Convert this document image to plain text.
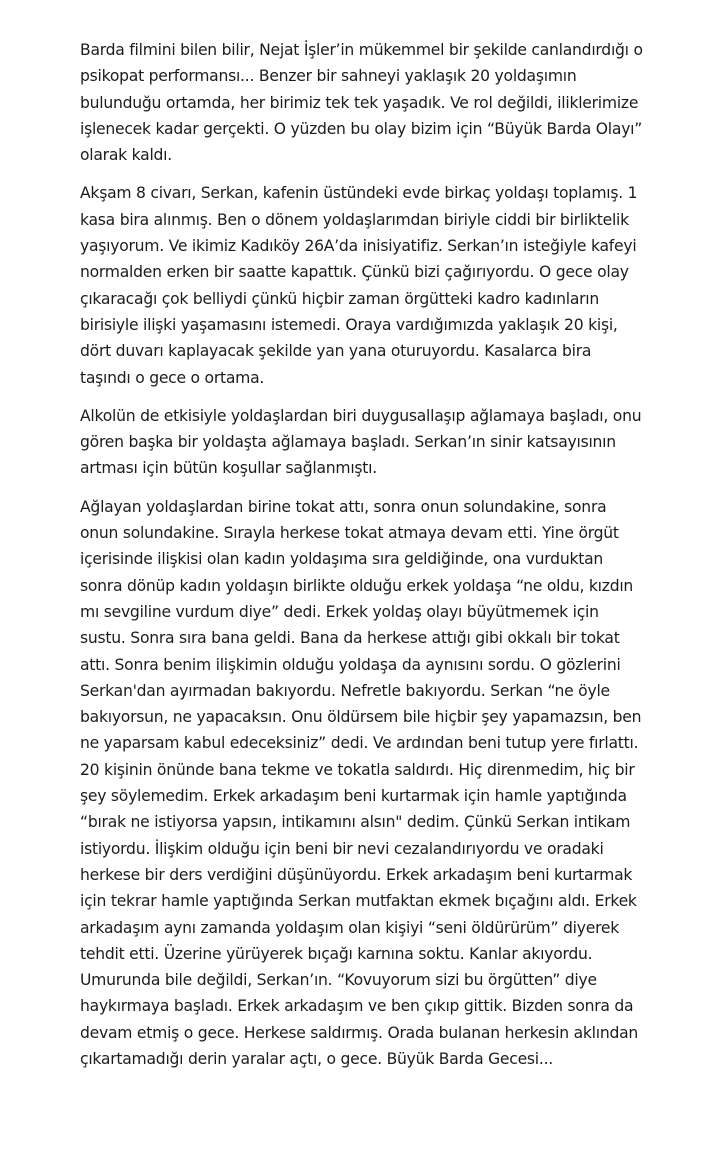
Barda filmini bilen bilir, Nejat İşler’in mükemmel bir şekilde canlandırdığı o psikopat performansı... Benzer bir sahneyi yaklaşık 20 yoldaşımın bulunduğu ortamda, her birimiz tek tek yaşadık. Ve rol değildi, iliklerimize işlenecek kadar gerçekti. O yüzden bu olay bizim için “Büyük Barda Olayı” olarak kaldı.

Akşam 8 civarı, Serkan, kafenin üstündeki evde birkaç yoldaşı toplamış. 1 kasa bira alınmış. Ben o dönem yoldaşlarımdan biriyle ciddi bir birliktelik yaşıyorum. Ve ikimiz Kadıköy 26A’da inisiyatifiz. Serkan’ın isteğiyle kafeyi normalden erken bir saatte kapattık. Çünkü bizi çağırıyordu. O gece olay çıkaracağı çok belliydi çünkü hiçbir zaman örgütteki kadro kadınların birisiyle ilişki yaşamasını istemedi. Oraya vardığımızda yaklaşık 20 kişi, dört duvarı kaplayacak şekilde yan yana oturuyordu. Kasalarca bira taşındı o gece o ortama.

Alkolün de etkisiyle yoldaşlardan biri duygusallaşıp ağlamaya başladı, onu gören başka bir yoldaşta ağlamaya başladı. Serkan’ın sinir katsayısının artması için bütün koşullar sağlanmıştı.

Ağlayan yoldaşlardan birine tokat attı, sonra onun solundakine, sonra onun solundakine. Sırayla herkese tokat atmaya devam etti. Yine örgüt içerisinde ilişkisi olan kadın yoldaşıma sıra geldiğinde, ona vurduktan sonra dönüp kadın yoldaşın birlikte olduğu erkek yoldaşa “ne oldu, kızdın mı sevgiline vurdum diye” dedi. Erkek yoldaş olayı büyütmemek için sustu. Sonra sıra bana geldi. Bana da herkese attığı gibi okkalı bir tokat attı. Sonra benim ilişkimin olduğu yoldaşa da aynısını sordu. O gözlerini Serkan'dan ayırmadan bakıyordu. Nefretle bakıyordu. Serkan “ne öyle bakıyorsun, ne yapacaksın. Onu öldürsem bile hiçbir şey yapamazsın, ben ne yaparsam kabul edeceksiniz” dedi. Ve ardından beni tutup yere fırlattı. 20 kişinin önünde bana tekme ve tokatla saldırdı. Hiç direnmedim, hiç bir şey söylemedim. Erkek arkadaşım beni kurtarmak için hamle yaptığında “bırak ne istiyorsa yapsın, intikamını alsın" dedim. Çünkü Serkan intikam istiyordu. İlişkim olduğu için beni bir nevi cezalandırıyordu ve oradaki herkese bir ders verdiğini düşünüyordu. Erkek arkadaşım beni kurtarmak için tekrar hamle yaptığında Serkan mutfaktan ekmek bıçağını aldı. Erkek arkadaşım aynı zamanda yoldaşım olan kişiyi “seni öldürürüm” diyerek tehdit etti. Üzerine yürüyerek bıçağı karnına soktu. Kanlar akıyordu. Umurunda bile değildi, Serkan’ın. “Kovuyorum sizi bu örgütten” diye haykırmaya başladı. Erkek arkadaşım ve ben çıkıp gittik. Bizden sonra da devam etmiş o gece. Herkese saldırmış. Orada bulanan herkesin aklından çıkartamadığı derin yaralar açtı, o gece. Büyük Barda Gecesi...
